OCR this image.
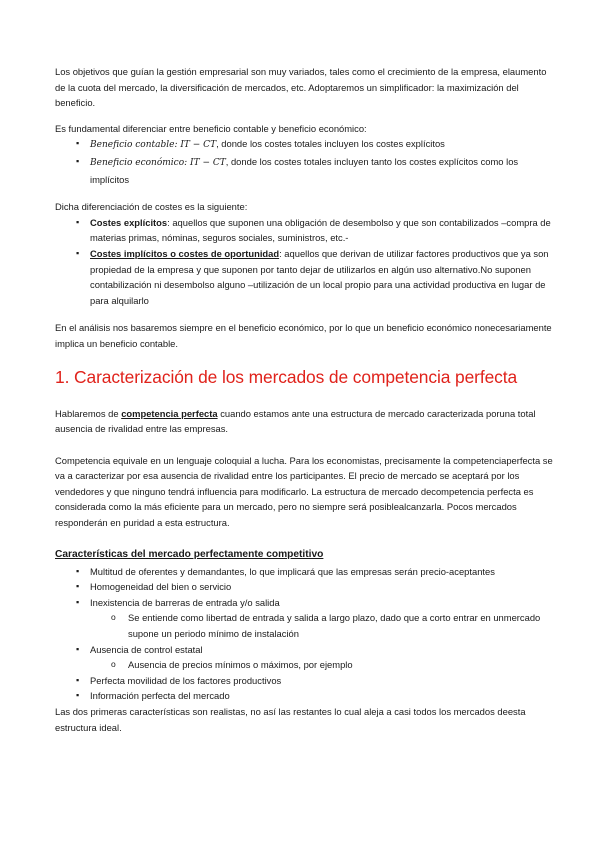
Los objetivos que guían la gestión empresarial son muy variados, tales como el crecimiento de la empresa, elaumento de la cuota del mercado, la diversificación de mercados, etc. Adoptaremos un simplificador: la maximización del beneficio.

Es fundamental diferenciar entre beneficio contable y beneficio económico:

▪ Beneficio contable: IT − CT, donde los costes totales incluyen los costes explícitos
▪ Beneficio económico: IT − CT, donde los costes totales incluyen tanto los costes explícitos como los implícitos

Dicha diferenciación de costes es la siguiente:

▪ Costes explícitos: aquellos que suponen una obligación de desembolso y que son contabilizados –compra de materias primas, nóminas, seguros sociales, suministros, etc.-
▪ Costes implícitos o costes de oportunidad: aquellos que derivan de utilizar factores productivos que ya son propiedad de la empresa y que suponen por tanto dejar de utilizarlos en algún uso alternativo.No suponen contabilización ni desembolso alguno –utilización de un local propio para una actividad productiva en lugar de para alquilarlo

En el análisis nos basaremos siempre en el beneficio económico, por lo que un beneficio económico nonecesariamente implica un beneficio contable.

1. Caracterización de los mercados de competencia perfecta

Hablaremos de competencia perfecta cuando estamos ante una estructura de mercado caracterizada poruna total ausencia de rivalidad entre las empresas.

Competencia equivale en un lenguaje coloquial a lucha. Para los economistas, precisamente la competenciaperfecta se va a caracterizar por esa ausencia de rivalidad entre los participantes. El precio de mercado se aceptará por los vendedores y que ninguno tendrá influencia para modificarlo. La estructura de mercado decompetencia perfecta es considerada como la más eficiente para un mercado, pero no siempre será posiblealcanzarla. Pocos mercados responderán en puridad a esta estructura.

Características del mercado perfectamente competitivo
▪ Multitud de oferentes y demandantes, lo que implicará que las empresas serán precio-aceptantes
▪ Homogeneidad del bien o servicio
▪ Inexistencia de barreras de entrada y/o salida
o Se entiende como libertad de entrada y salida a largo plazo, dado que a corto entrar en unmercado supone un periodo mínimo de instalación
▪ Ausencia de control estatal
o Ausencia de precios mínimos o máximos, por ejemplo
▪ Perfecta movilidad de los factores productivos
▪ Información perfecta del mercado

Las dos primeras características son realistas, no así las restantes lo cual aleja a casi todos los mercados deesta estructura ideal.
